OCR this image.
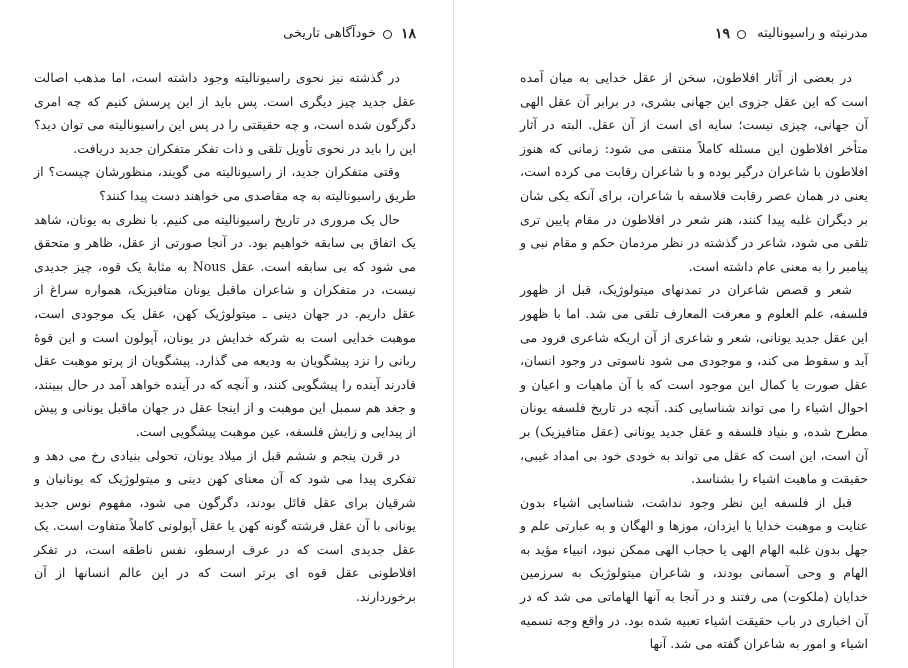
۱۸
خودآگاهی تاریخی

در گذشته نیز نحوی راسیونالیته وجود داشته است، اما مذهب اصالت عقل جدید چیز دیگری است. پس باید از این پرسش کنیم که چه امری دگرگون شده است، و چه حقیقتی را در پس این راسیونالیته می توان دید؟ این را باید در نحوی تأویل تلقی و ذات تفکر متفکران جدید دریافت.

وقتی متفکران جدید، از راسیونالیته می گویند، منظورشان چیست؟ از طریق راسیونالیته به چه مقاصدی می خواهند دست پیدا کنند؟

حال یک مروری در تاریخ راسیونالیته می کنیم. با نظری به یونان، شاهد یک اتفاق بی سابقه خواهیم بود. در آنجا صورتی از عقل، ظاهر و متحقق می شود که بی سابقه است. عقل Nous به مثابهٔ یک قوه، چیز جدیدی نیست، در متفکران و شاعران ماقبل یونان متافیزیک، همواره سراغ از عقل داریم. در جهان دینی ـ میتولوژیک کهن، عقل یک موجودی است، موهبت خدایی است به شرکه خدایش در یونان، آپولون است و این قوهٔ ربانی را نزد پیشگویان به ودیعه می گذارد. پیشگویان از پرتو موهبت عقل قادرند آینده را پیشگویی کنند، و آنچه که در آینده خواهد آمد در حال ببینند، و جغد هم سمبل این موهبت و از اینجا عقل در جهان ماقبل یونانی و پیش از پیدایی و زایش فلسفه، عین موهبت پیشگویی است.

در قرن پنجم و ششم قبل از میلاد یونان، تحولی بنیادی رخ می دهد و تفکری پیدا می شود که آن معنای کهن دینی و میتولوژیک که یونانیان و شرقیان برای عقل قائل بودند، دگرگون می شود، مفهوم نوس جدید یونانی با آن عقل فرشته گونه کهن یا عقل آپولونی کاملاً متفاوت است. یک عقل جدیدی است که در عرف ارسطو، نفس ناطقه است، در تفکر افلاطونی عقل قوه ای برتر است که در این عالم انسانها از آن برخوردارند.

مدرنیته و راسیونالیته
۱۹

در بعضی از آثار افلاطون، سخن از عقل خدایی به میان آمده است که این عقل جزوی این جهانی بشری، در برابر آن عقل الهی آن جهانی، چیزی نیست؛ سایه ای است از آن عقل. البته در آثار متأخر افلاطون این مسئله کاملاً منتفی می شود: زمانی که هنوز افلاطون با شاعران درگیر بوده و با شاعران رقابت می کرده است، یعنی در همان عصر رقابت فلاسفه با شاعران، برای آنکه یکی شان بر دیگران غلبه پیدا کنند، هنر شعر در افلاطون در مقام پایین تری تلقی می شود، شاعر در گذشته در نظر مردمان حکم و مقام نبی و پیامبر را به معنی عام داشته است.

شعر و قصص شاعران در تمدنهای میتولوژیک، قبل از ظهور فلسفه، علم العلوم و معرفت المعارف تلقی می شد. اما با ظهور این عقل جدید یونانی، شعر و شاعری از آن اریکه شاعری فرود می آید و سقوط می کند، و موجودی می شود ناسوتی در وجود انسان، عقل صورت یا کمال این موجود است که با آن ماهیات و اعیان و احوال اشیاء را می تواند شناسایی کند. آنچه در تاریخ فلسفه یونان مطرح شده، و بنیاد فلسفه و عقل جدید یونانی (عقل متافیزیک) بر آن است، این است که عقل می تواند به خودی خود بی امداد غیبی، حقیقت و ماهیت اشیاء را بشناسد.

قبل از فلسفه این نظر وجود نداشت، شناسایی اشیاء بدون عنایت و موهبت خدایا یا ایزدان، موزها و الهگان و به عبارتی علم و جهل بدون غلبه الهام الهی یا حجاب الهی ممکن نبود، انبیاء مؤید به الهام و وحی آسمانی بودند، و شاعران میتولوژیک به سرزمین خدایان (ملکوت) می رفتند و در آنجا به آنها الهاماتی می شد که در آن اخباری در باب حقیقت اشیاء تعبیه شده بود. در واقع وجه تسمیه اشیاء و امور به شاعران گفته می شد. آنها
